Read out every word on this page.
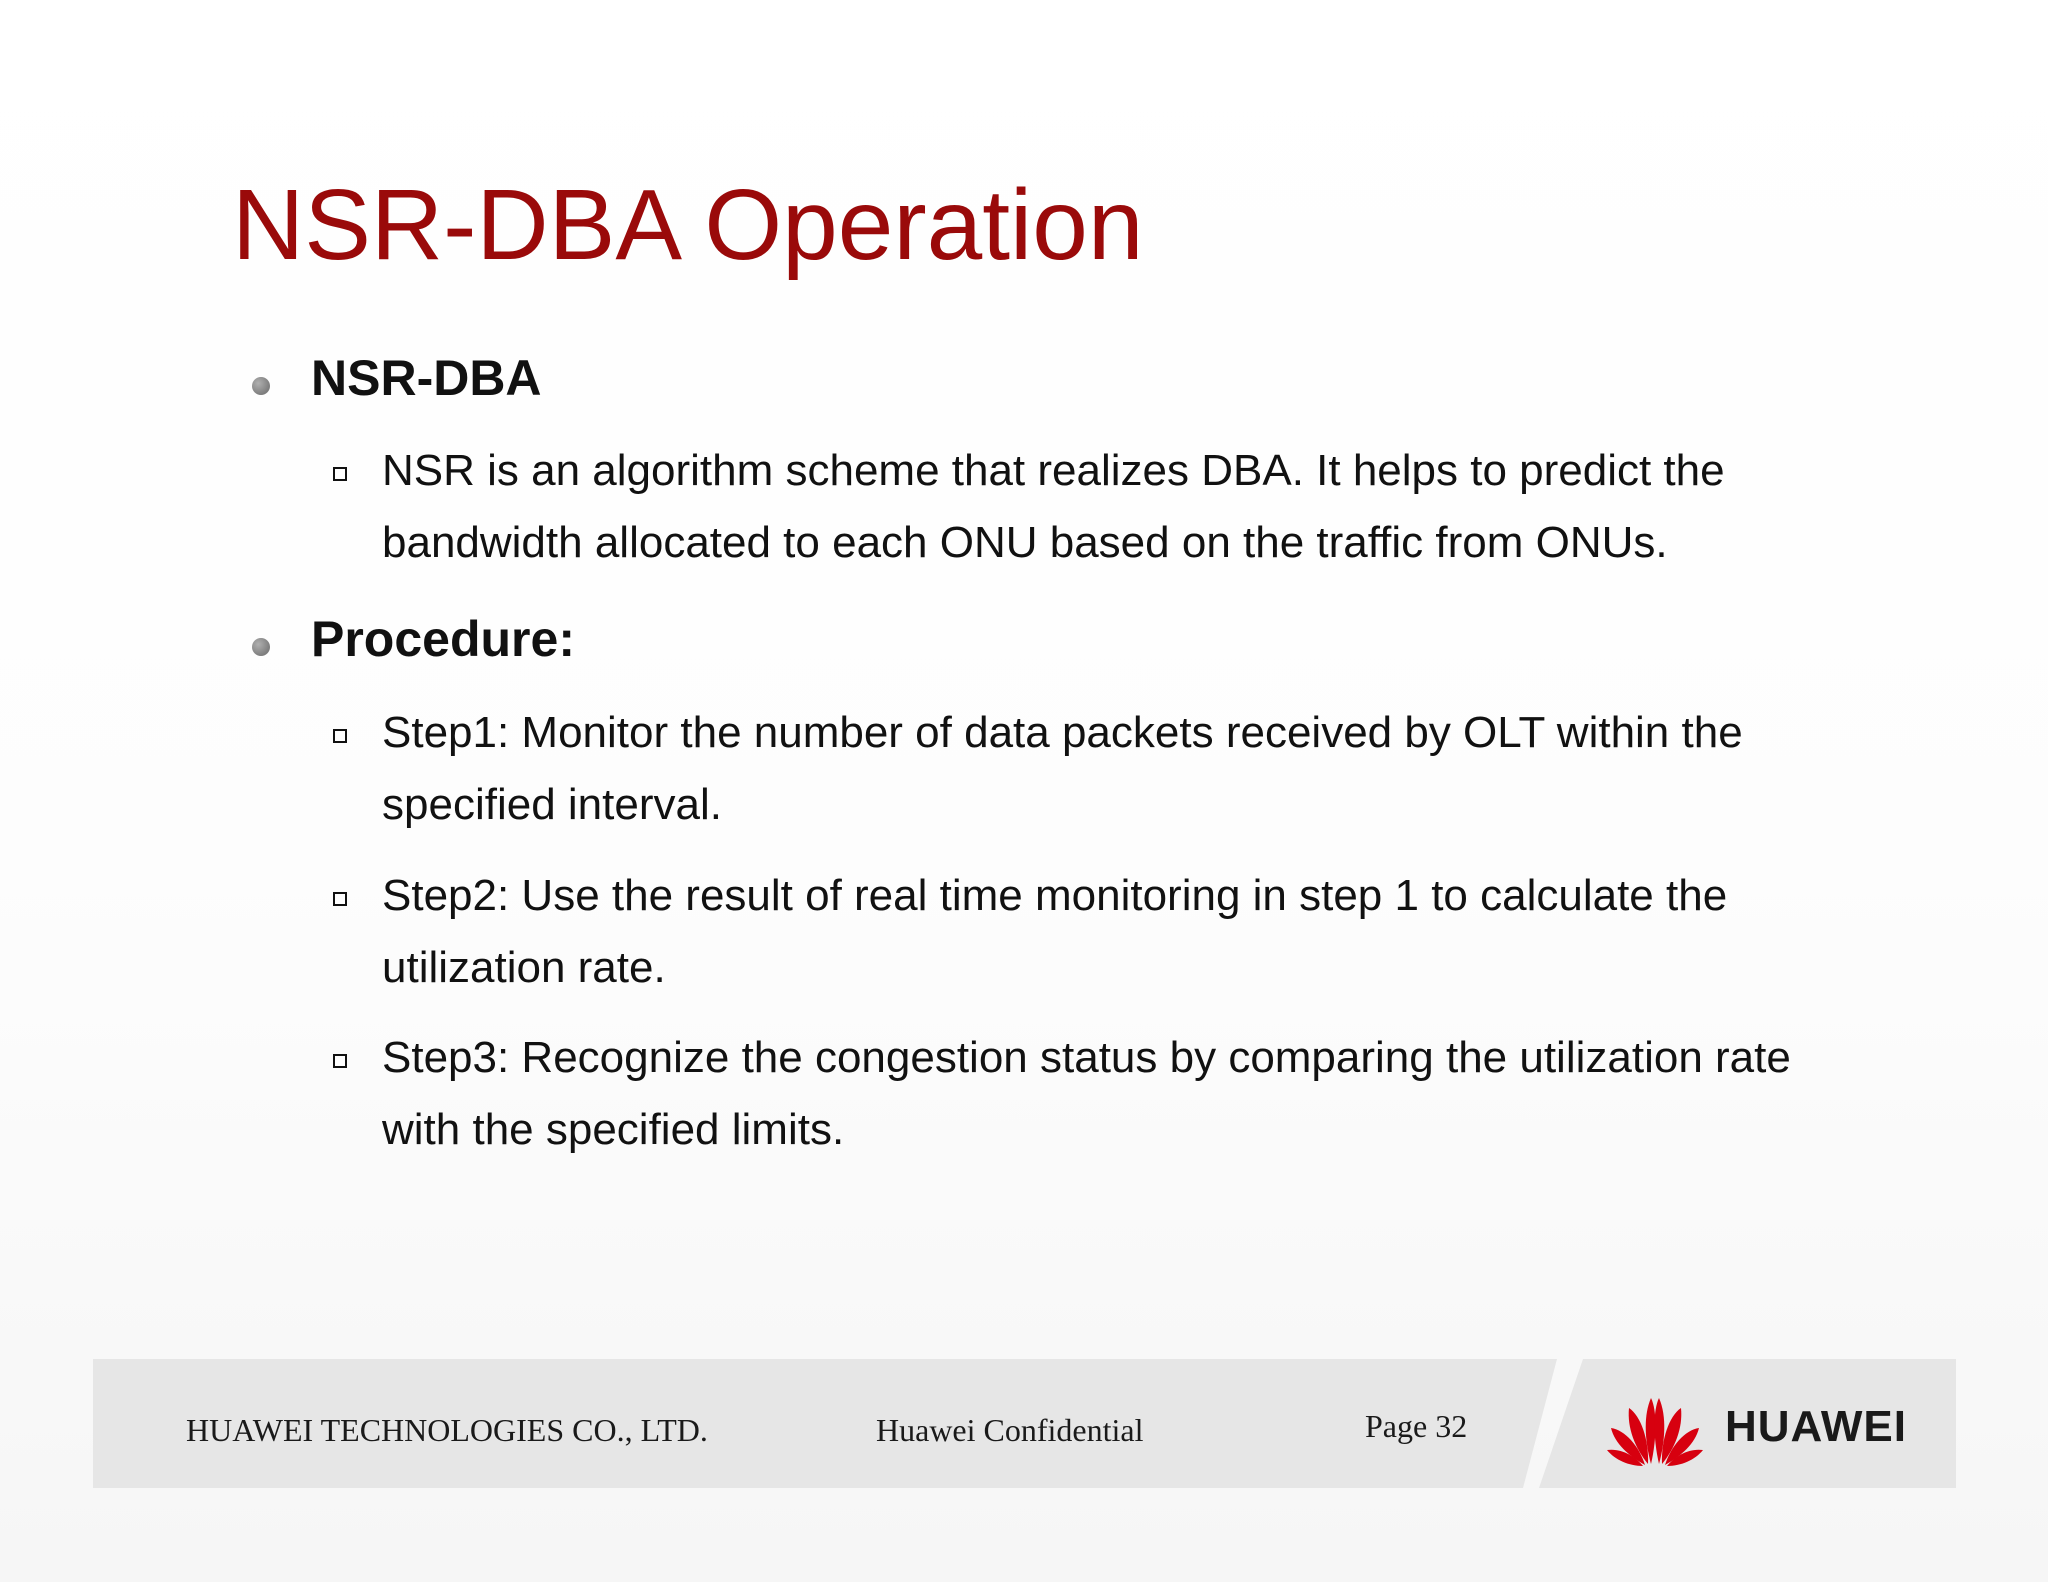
NSR-DBA Operation
NSR-DBA
NSR is an algorithm scheme that realizes DBA. It helps to predict the bandwidth allocated to each ONU based on the traffic from ONUs.
Procedure:
Step1: Monitor the number of data packets received by OLT within the specified interval.
Step2: Use the result of real time monitoring in step 1 to calculate the utilization rate.
Step3: Recognize the congestion status by comparing the utilization rate with the specified limits.
HUAWEI TECHNOLOGIES CO., LTD.	Huawei Confidential	Page 32	HUAWEI
